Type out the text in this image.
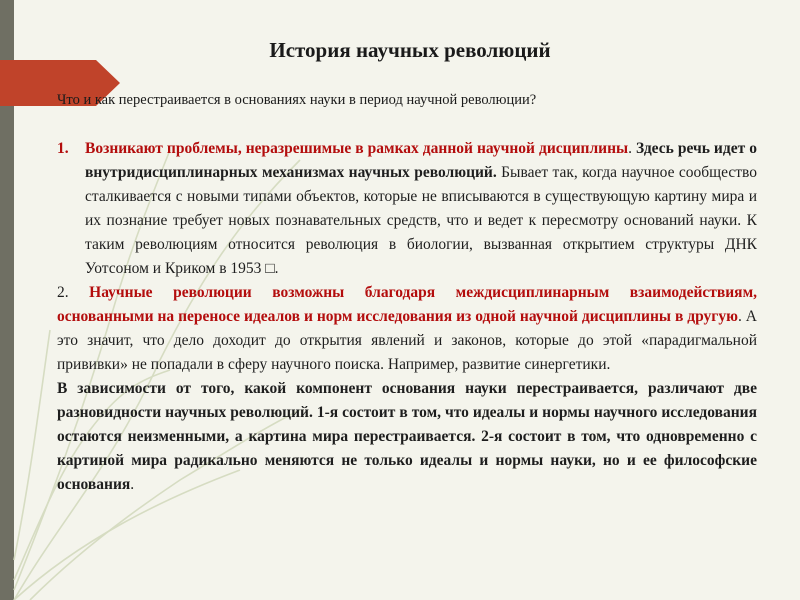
История научных революций
Что и как перестраивается в основаниях науки в период научной революции?
1.	Возникают проблемы, неразрешимые в рамках данной научной дисциплины. Здесь речь идет о внутридисциплинарных механизмах научных революций. Бывает так, когда научное сообщество сталкивается с новыми типами объектов, которые не вписываются в существующую картину мира и их познание требует новых познавательных средств, что и ведет к пересмотру оснований науки. К таким революциям относится революция в биологии, вызванная открытием структуры ДНК Уотсоном и Криком в 1953 □.

2. Научные революции возможны благодаря междисциплинарным взаимодействиям, основанными на переносе идеалов и норм исследования из одной научной дисциплины в другую. А это значит, что дело доходит до открытия явлений и законов, которые до этой «парадигмальной прививки» не попадали в сферу научного поиска. Например, развитие синергетики.

В зависимости от того, какой компонент основания науки перестраивается, различают две разновидности научных революций. 1-я состоит в том, что идеалы и нормы научного исследования остаются неизменными, а картина мира перестраивается. 2-я состоит в том, что одновременно с картиной мира радикально меняются не только идеалы и нормы науки, но и ее философские основания.
